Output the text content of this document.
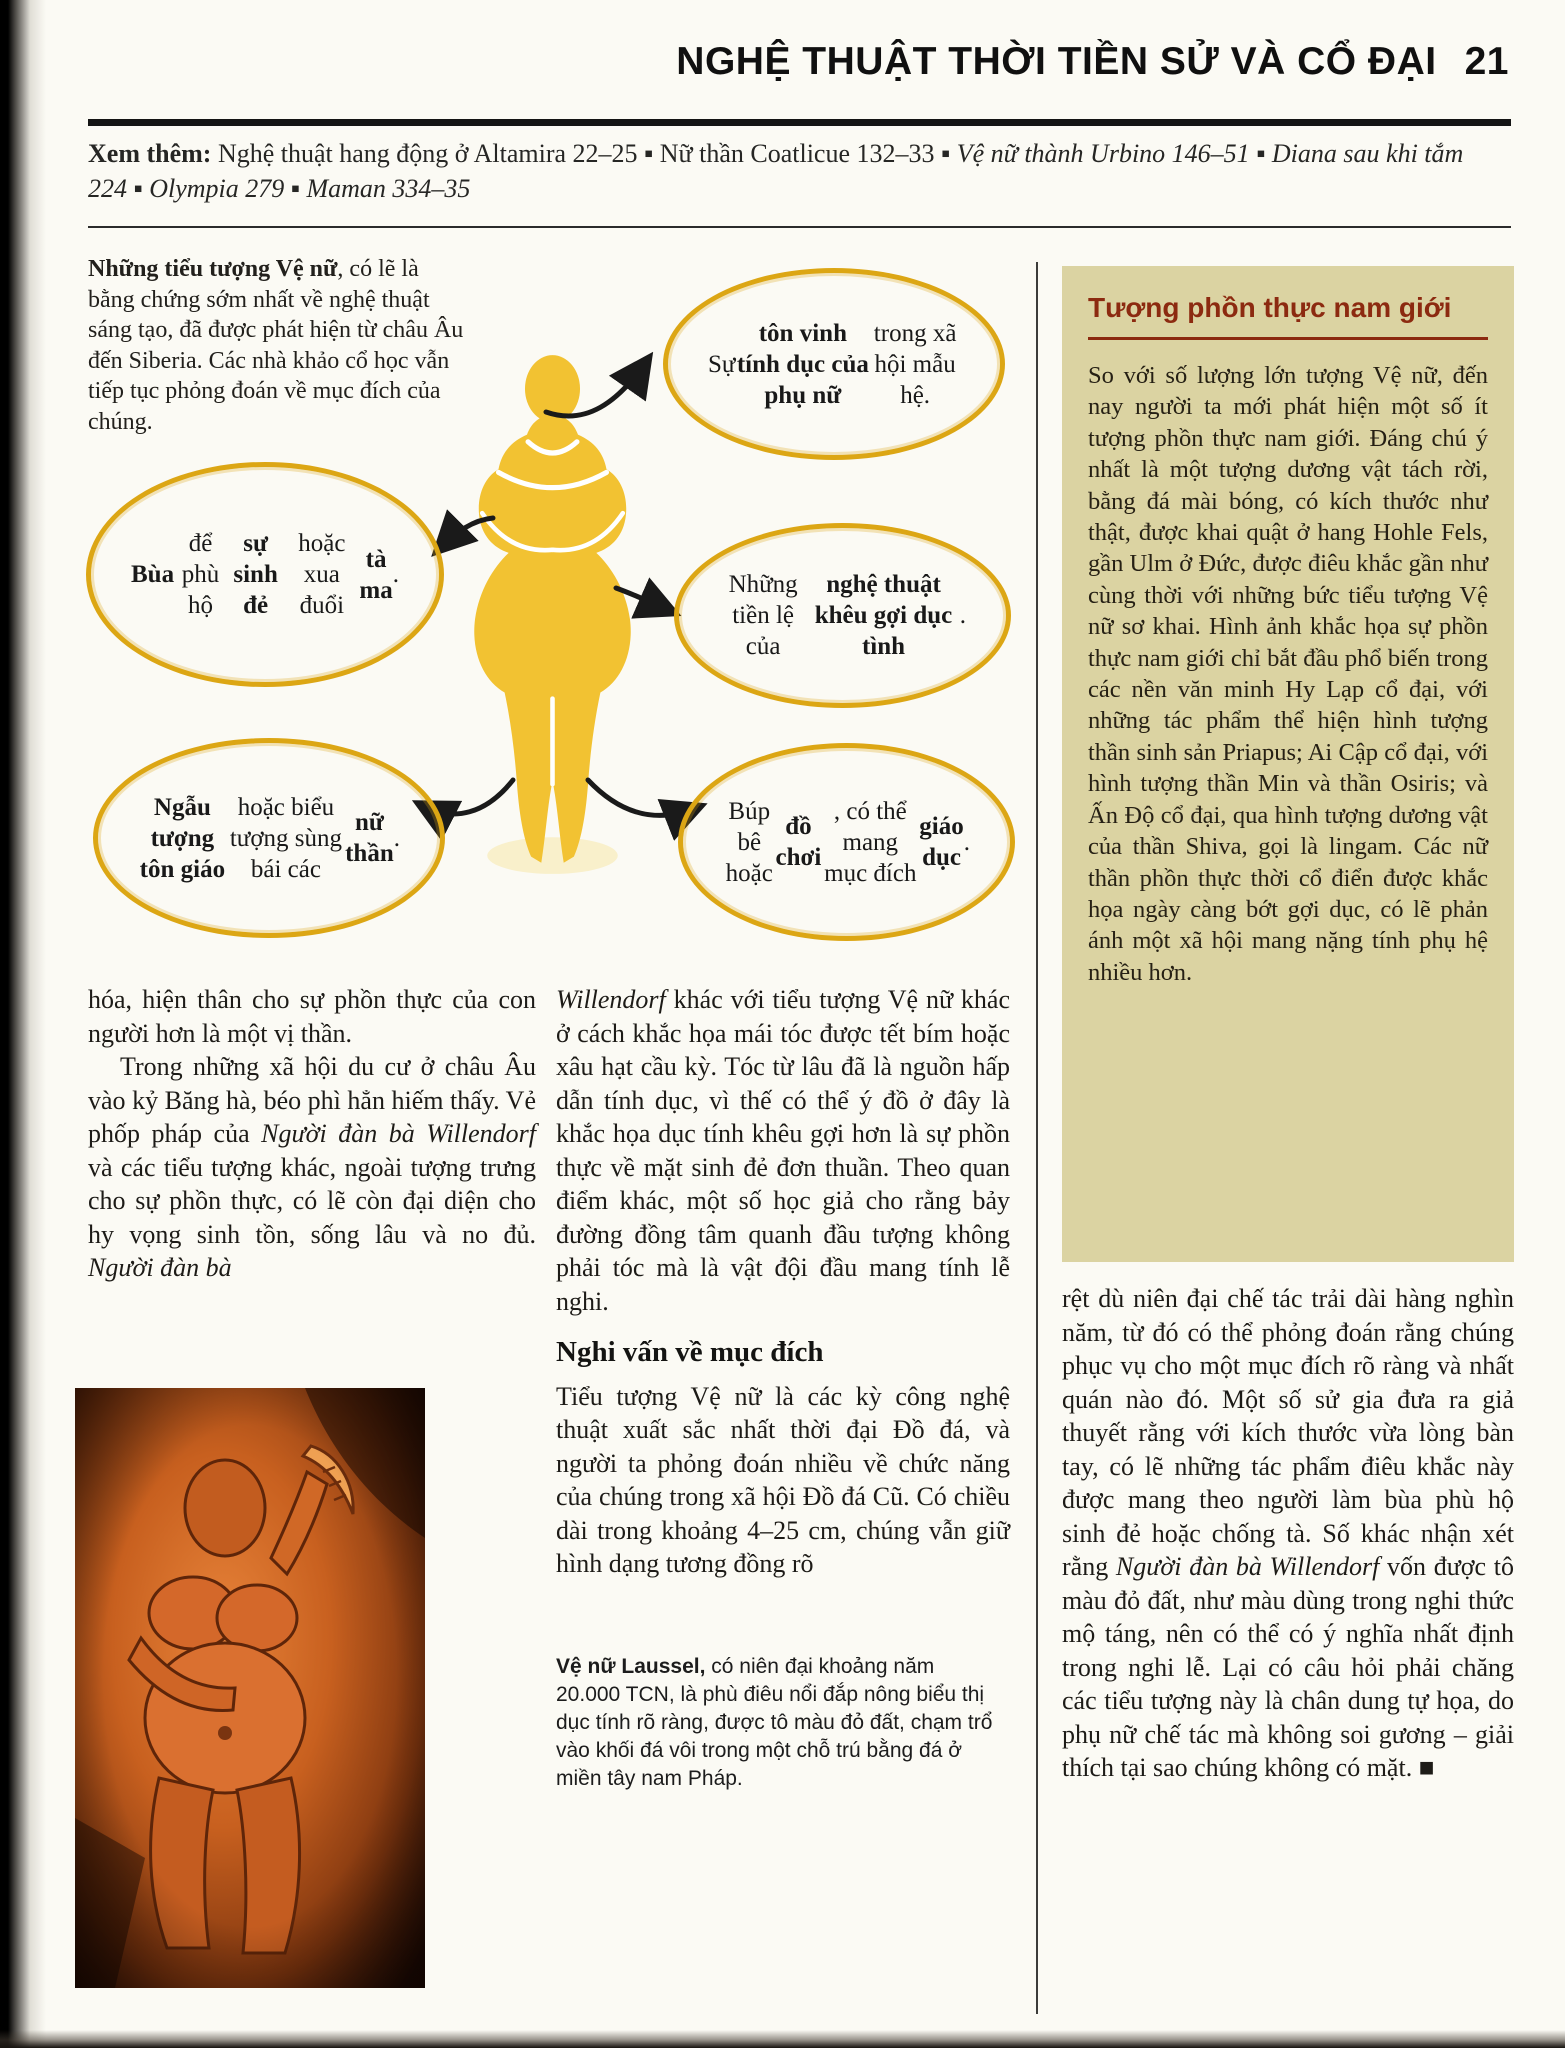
NGHỆ THUẬT THỜI TIỀN SỬ VÀ CỔ ĐẠI 21

Xem thêm: Nghệ thuật hang động ở Altamira 22–25 ▪ Nữ thần Coatlicue 132–33 ▪ Vệ nữ thành Urbino 146–51 ▪ Diana sau khi tắm 224 ▪ Olympia 279 ▪ Maman 334–35

Những tiểu tượng Vệ nữ, có lẽ là bằng chứng sớm nhất về nghệ thuật sáng tạo, đã được phát hiện từ châu Âu đến Siberia. Các nhà khảo cổ học vẫn tiếp tục phỏng đoán về mục đích của chúng.

Sự
tôn vinh tính dục của phụ nữ
trong xã hội mẫu hệ.
Bùa
để phù hộ
sự sinh đẻ
hoặc xua đuổi
tà ma
.	Những tiền lệ của
nghệ thuật khêu gợi dục tình
.
Ngẫu tượng tôn giáo
hoặc biểu tượng sùng bái các
nữ thần
.
Búp bê hoặc
đồ chơi
, có thể mang mục đích
giáo dục
.
Tượng phồn thực nam giới

So với số lượng lớn tượng Vệ nữ, đến nay người ta mới phát hiện một số ít tượng phồn thực nam giới. Đáng chú ý nhất là một tượng dương vật tách rời, bằng đá mài bóng, có kích thước như thật, được khai quật ở hang Hohle Fels, gần Ulm ở Đức, được điêu khắc gần như cùng thời với những bức tiểu tượng Vệ nữ sơ khai. Hình ảnh khắc họa sự phồn thực nam giới chỉ bắt đầu phổ biến trong các nền văn minh Hy Lạp cổ đại, với những tác phẩm thể hiện hình tượng thần sinh sản Priapus; Ai Cập cổ đại, với hình tượng thần Min và thần Osiris; và Ấn Độ cổ đại, qua hình tượng dương vật của thần Shiva, gọi là lingam. Các nữ thần phồn thực thời cổ điển được khắc họa ngày càng bớt gợi dục, có lẽ phản ánh một xã hội mang nặng tính phụ hệ nhiều hơn.

hóa, hiện thân cho sự phồn thực của con người hơn là một vị thần.

Trong những xã hội du cư ở châu Âu vào kỷ Băng hà, béo phì hẳn hiếm thấy. Vẻ phốp pháp của Người đàn bà Willendorf và các tiểu tượng khác, ngoài tượng trưng cho sự phồn thực, có lẽ còn đại diện cho hy vọng sinh tồn, sống lâu và no đủ. Người đàn bà

Willendorf khác với tiểu tượng Vệ nữ khác ở cách khắc họa mái tóc được tết bím hoặc xâu hạt cầu kỳ. Tóc từ lâu đã là nguồn hấp dẫn tính dục, vì thế có thể ý đồ ở đây là khắc họa dục tính khêu gợi hơn là sự phồn thực về mặt sinh đẻ đơn thuần. Theo quan điểm khác, một số học giả cho rằng bảy đường đồng tâm quanh đầu tượng không phải tóc mà là vật đội đầu mang tính lễ nghi.

Nghi vấn về mục đích

Tiểu tượng Vệ nữ là các kỳ công nghệ thuật xuất sắc nhất thời đại Đồ đá, và người ta phỏng đoán nhiều về chức năng của chúng trong xã hội Đồ đá Cũ. Có chiều dài trong khoảng 4–25 cm, chúng vẫn giữ hình dạng tương đồng rõ

Vệ nữ Laussel, có niên đại khoảng năm 20.000 TCN, là phù điêu nổi đắp nông biểu thị dục tính rõ ràng, được tô màu đỏ đất, chạm trổ vào khối đá vôi trong một chỗ trú bằng đá ở miền tây nam Pháp.

rệt dù niên đại chế tác trải dài hàng nghìn năm, từ đó có thể phỏng đoán rằng chúng phục vụ cho một mục đích rõ ràng và nhất quán nào đó. Một số sử gia đưa ra giả thuyết rằng với kích thước vừa lòng bàn tay, có lẽ những tác phẩm điêu khắc này được mang theo người làm bùa phù hộ sinh đẻ hoặc chống tà. Số khác nhận xét rằng Người đàn bà Willendorf vốn được tô màu đỏ đất, như màu dùng trong nghi thức mộ táng, nên có thể có ý nghĩa nhất định trong nghi lễ. Lại có câu hỏi phải chăng các tiểu tượng này là chân dung tự họa, do phụ nữ chế tác mà không soi gương – giải thích tại sao chúng không có mặt. ■
